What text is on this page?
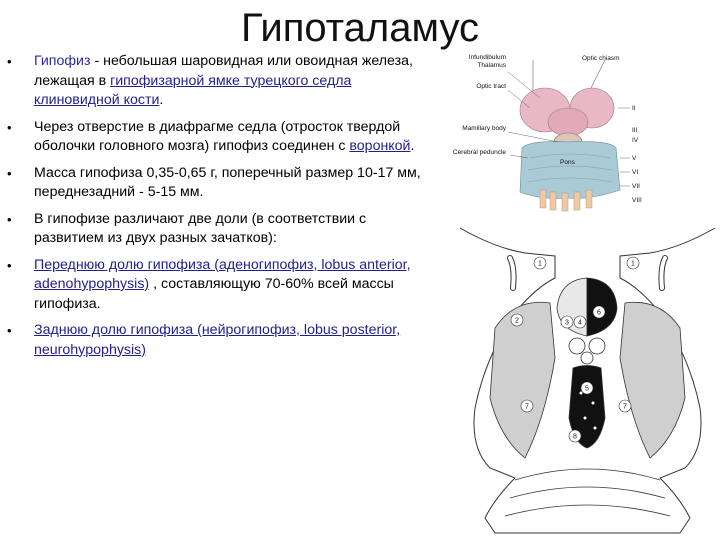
Гипоталамус
• Гипофиз - небольшая шаровидная или овоидная железа, лежащая в гипофизарной ямке турецкого седла клиновидной кости.
• Через отверстие в диафрагме седла (отросток твердой оболочки головного мозга) гипофиз соединен с воронкой.
• Масса гипофиза 0,35-0,65 г, поперечный размер 10-17 мм, переднезадний - 5-15 мм.
• В гипофизе различают две доли (в соответствии с развитием из двух разных зачатков):
• Переднюю долю гипофиза (аденогипофиз, lobus anterior, adenohypophysis) , составляющую 70-60% всей массы гипофиза.
• Заднюю долю гипофиза (нейрогипофиз, lobus posterior, neurohypophysis)
Infundibulum
Thalamus
Optic tract
Mamillary body
Cerebral peduncle
Optic chiasm
Pons
II
III
IV
V
VI
VII
VIII
1	1
2	3 4
5
6
7	7
8
